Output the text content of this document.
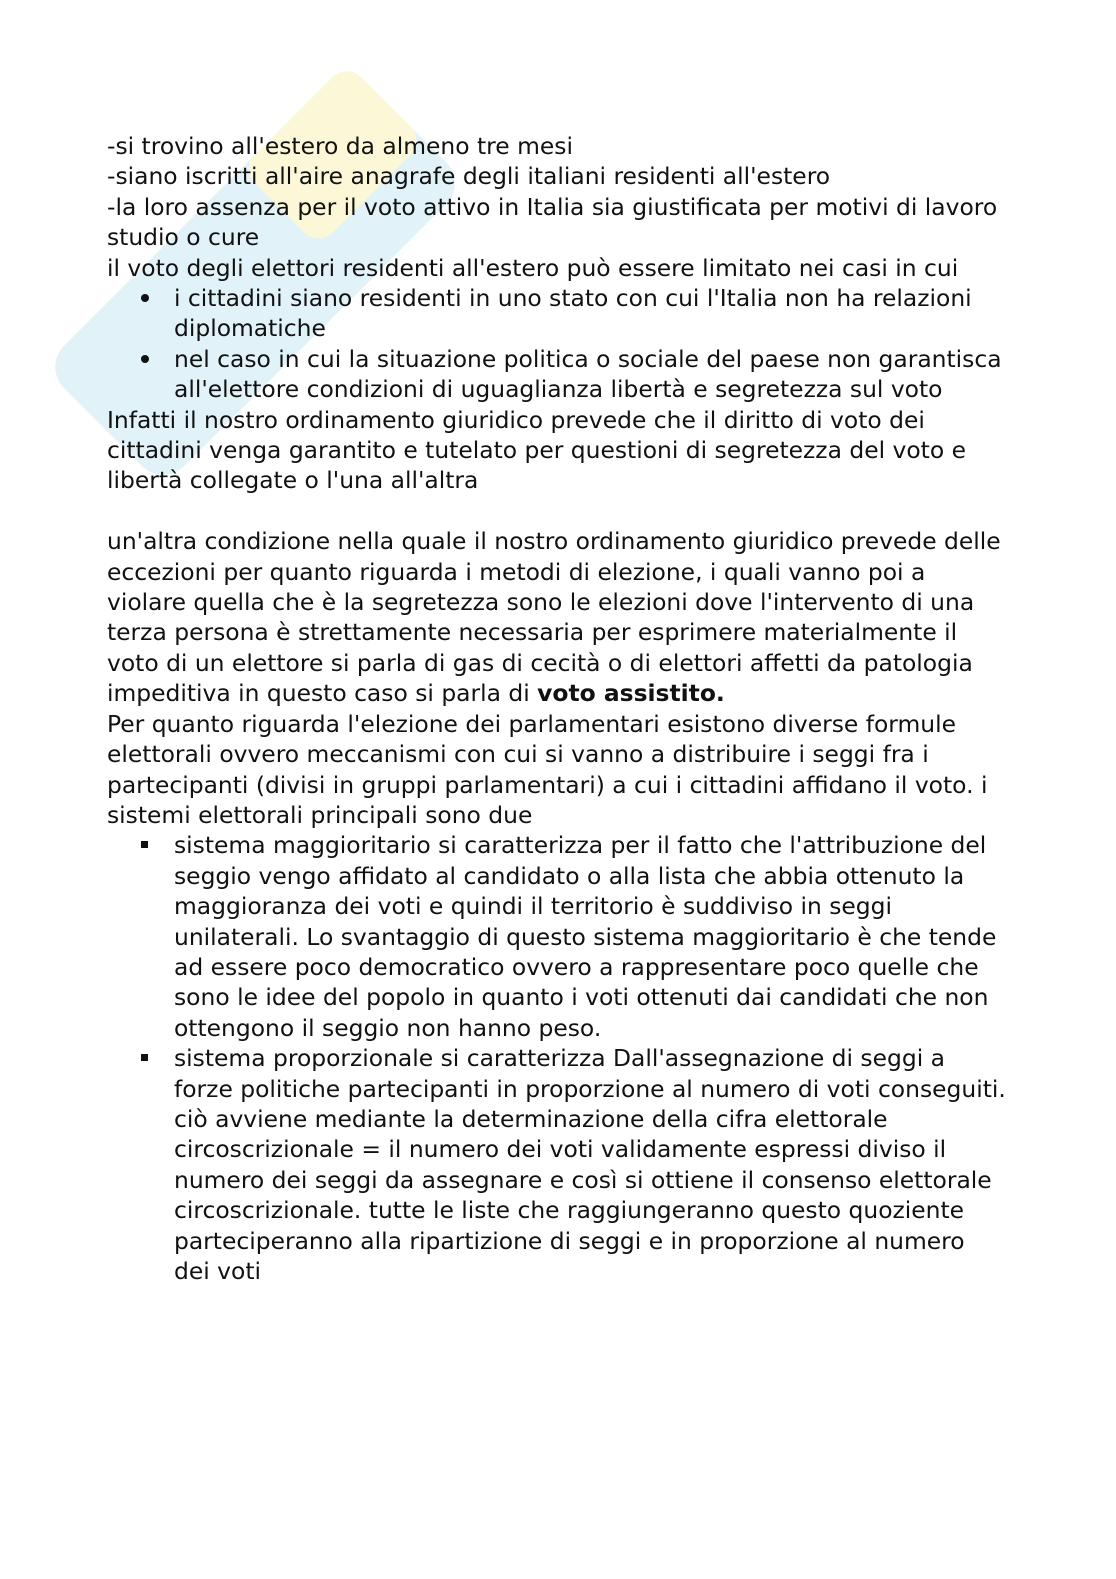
-si trovino all'estero da almeno tre mesi

-siano iscritti all'aire anagrafe degli italiani residenti all'estero

-la loro assenza per il voto attivo in Italia sia giustificata per motivi di lavoro studio o cure

il voto degli elettori residenti all'estero può essere limitato nei casi in cui

i cittadini siano residenti in uno stato con cui l'Italia non ha relazioni diplomatiche
nel caso in cui la situazione politica o sociale del paese non garantisca all'elettore condizioni di uguaglianza libertà e segretezza sul voto

Infatti il nostro ordinamento giuridico prevede che il diritto di voto dei cittadini venga garantito e tutelato per questioni di segretezza del voto e libertà collegate o l'una all'altra

un'altra condizione nella quale il nostro ordinamento giuridico prevede delle eccezioni per quanto riguarda i metodi di elezione, i quali vanno poi a violare quella che è la segretezza sono le elezioni dove l'intervento di una terza persona è strettamente necessaria per esprimere materialmente il voto di un elettore si parla di gas di cecità o di elettori affetti da patologia impeditiva in questo caso si parla di voto assistito.

Per quanto riguarda l'elezione dei parlamentari esistono diverse formule elettorali ovvero meccanismi con cui si vanno a distribuire i seggi fra i partecipanti (divisi in gruppi parlamentari) a cui i cittadini affidano il voto. i sistemi elettorali principali sono due

sistema maggioritario si caratterizza per il fatto che l'attribuzione del seggio vengo affidato al candidato o alla lista che abbia ottenuto la maggioranza dei voti e quindi il territorio è suddiviso in seggi unilaterali. Lo svantaggio di questo sistema maggioritario è che tende ad essere poco democratico ovvero a rappresentare poco quelle che sono le idee del popolo in quanto i voti ottenuti dai candidati che non ottengono il seggio non hanno peso.
sistema proporzionale si caratterizza Dall'assegnazione di seggi a forze politiche partecipanti in proporzione al numero di voti conseguiti. ciò avviene mediante la determinazione della cifra elettorale circoscrizionale = il numero dei voti validamente espressi diviso il numero dei seggi da assegnare e così si ottiene il consenso elettorale circoscrizionale. tutte le liste che raggiungeranno questo quoziente parteciperanno alla ripartizione di seggi e in proporzione al numero dei voti
